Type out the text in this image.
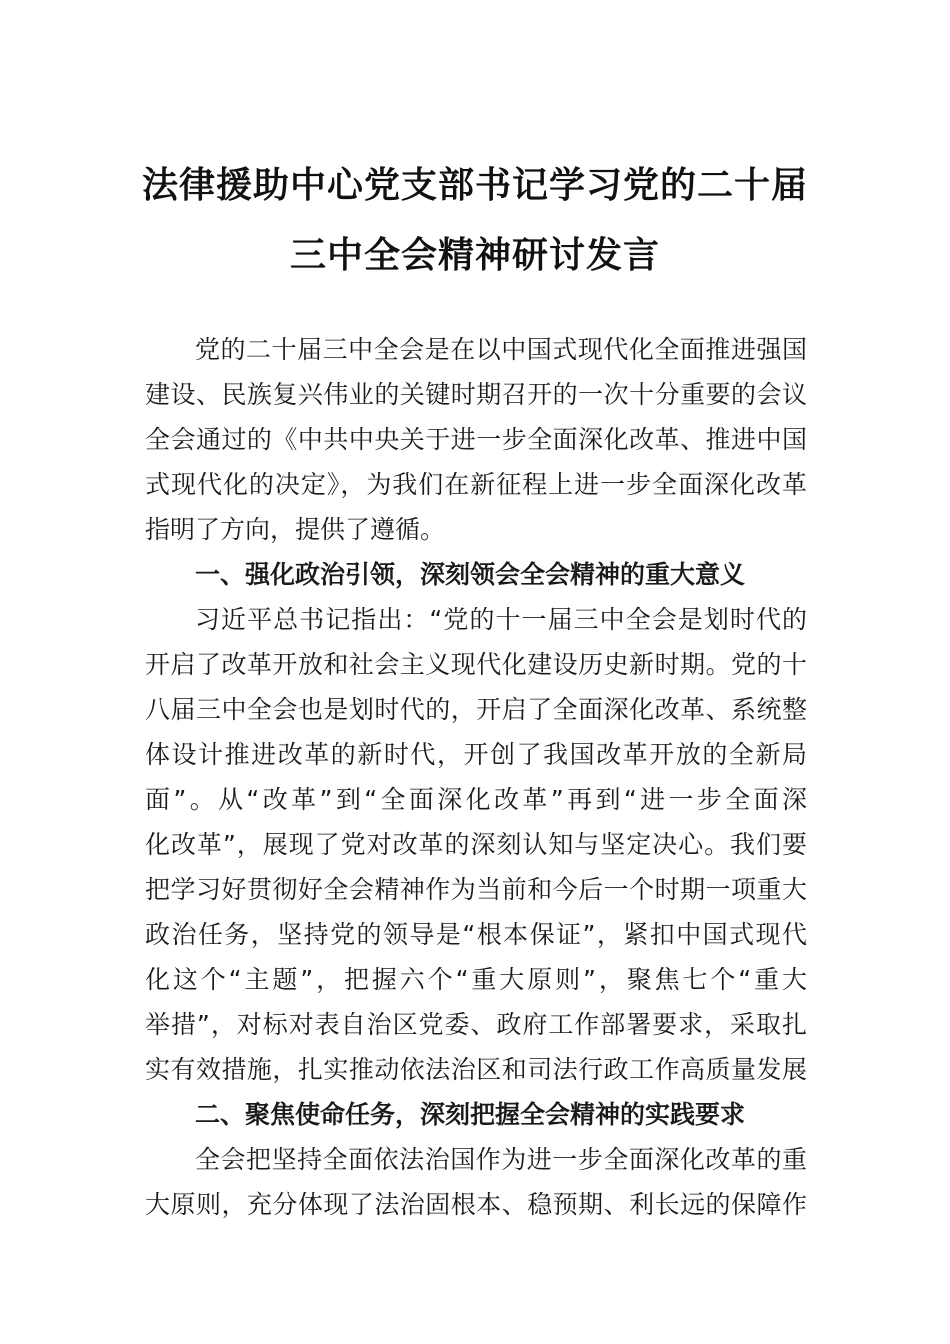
法律援助中心党支部书记学习党的二十届
三中全会精神研讨发言
党的二十届三中全会是在以中国式现代化全面推进强国
建设、民族复兴伟业的关键时期召开的一次十分重要的会议
全会通过的《中共中央关于进一步全面深化改革、推进中国
式现代化的决定》，为我们在新征程上进一步全面深化改革
指明了方向，提供了遵循。
一、强化政治引领，深刻领会全会精神的重大意义
习近平总书记指出：“党的十一届三中全会是划时代的
开启了改革开放和社会主义现代化建设历史新时期。党的十
八届三中全会也是划时代的，开启了全面深化改革、系统整
体设计推进改革的新时代，开创了我国改革开放的全新局
面”。从“改革”到“全面深化改革”再到“进一步全面深
化改革”，展现了党对改革的深刻认知与坚定决心。我们要
把学习好贯彻好全会精神作为当前和今后一个时期一项重大
政治任务，坚持党的领导是“根本保证”，紧扣中国式现代
化这个“主题”，把握六个“重大原则”，聚焦七个“重大
举措”，对标对表自治区党委、政府工作部署要求，采取扎
实有效措施，扎实推动依法治区和司法行政工作高质量发展
二、聚焦使命任务，深刻把握全会精神的实践要求
全会把坚持全面依法治国作为进一步全面深化改革的重
大原则，充分体现了法治固根本、稳预期、利长远的保障作
